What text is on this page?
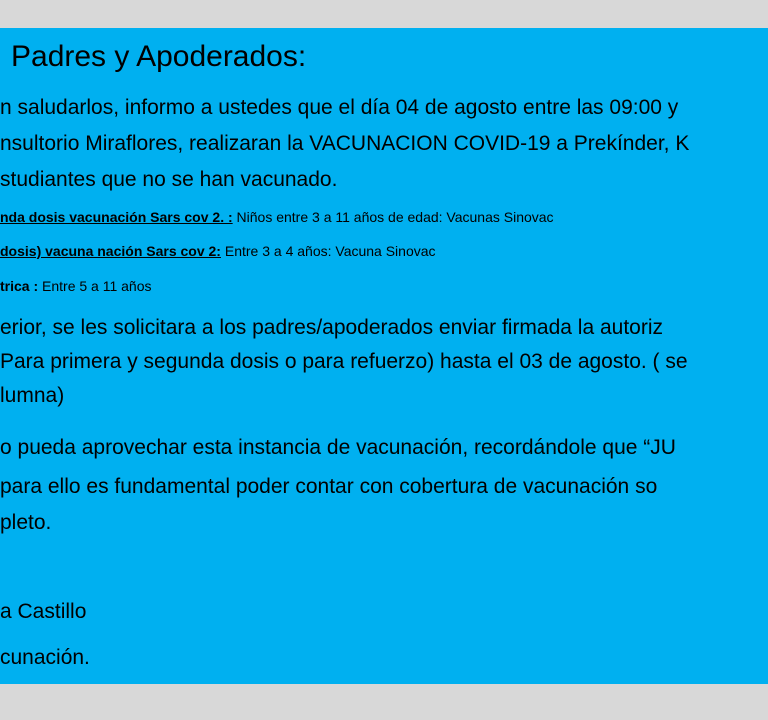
Padres y Apoderados:

n saludarlos, informo a ustedes que el día 04 de agosto entre las 09:00 y

nsultorio Miraflores, realizaran la VACUNACION COVID-19 a Prekínder, K

studiantes que no se han vacunado.

nda dosis vacunación Sars cov 2. : Niños entre 3 a 11 años de edad: Vacunas Sinovac

dosis) vacuna nación Sars cov 2: Entre 3 a 4 años: Vacuna Sinovac

trica : Entre 5 a 11 años

erior, se les solicitara a los padres/apoderados enviar firmada la autoriz

Para primera y segunda dosis o para refuerzo) hasta el 03 de agosto. ( se

lumna)

o pueda aprovechar esta instancia de vacunación, recordándole que “JU

para ello es fundamental poder contar con cobertura de vacunación so

pleto.

a Castillo

cunación.
